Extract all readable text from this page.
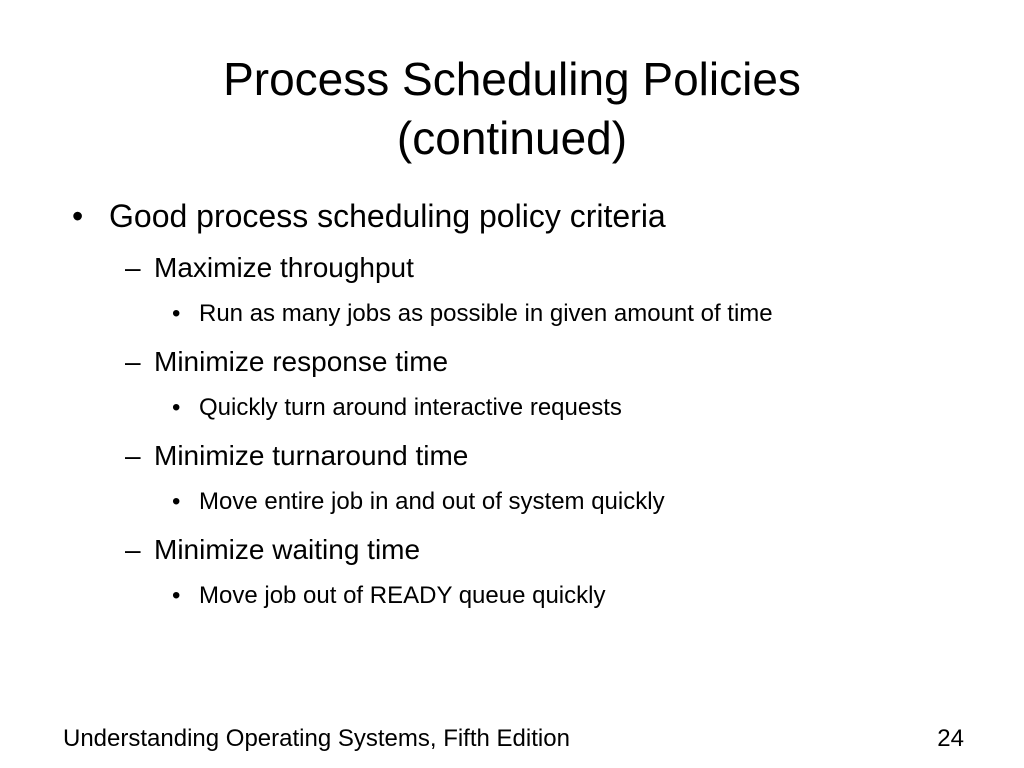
Process Scheduling Policies
(continued)
• Good process scheduling policy criteria
– Maximize throughput
• Run as many jobs as possible in given amount of time
– Minimize response time
• Quickly turn around interactive requests
– Minimize turnaround time
• Move entire job in and out of system quickly
– Minimize waiting time
• Move job out of READY queue quickly
Understanding Operating Systems, Fifth Edition	24
